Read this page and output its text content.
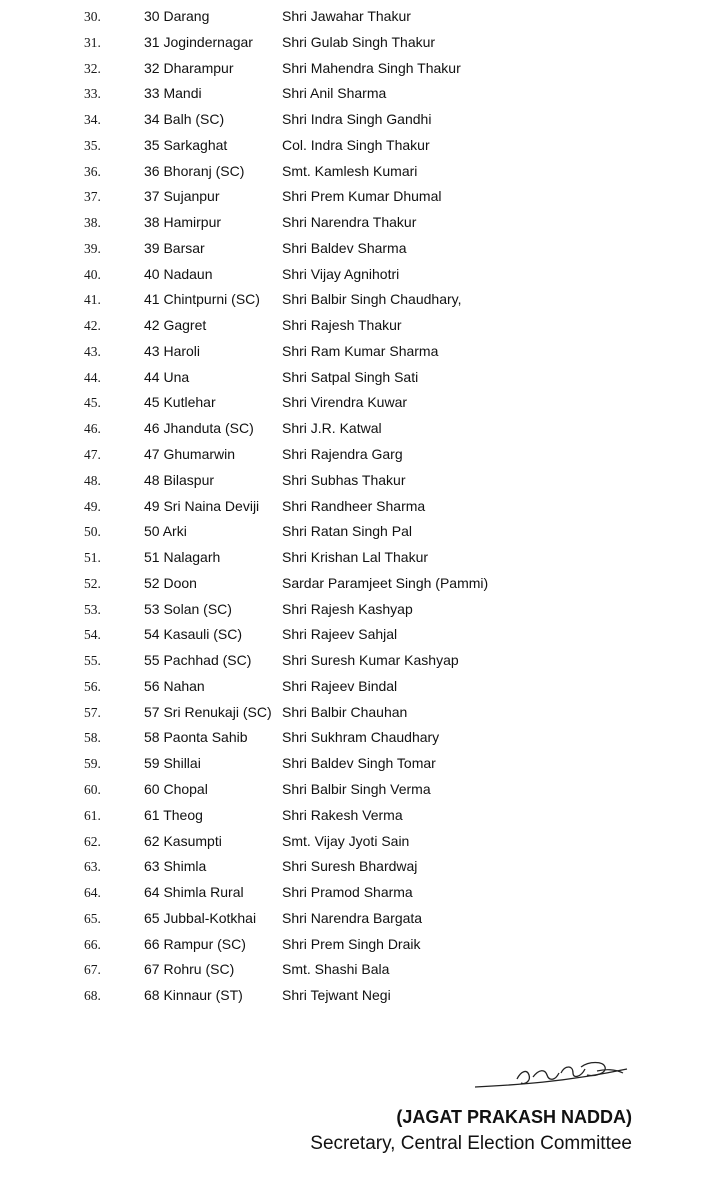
30.	30 Darang	Shri Jawahar Thakur
31.	31 Jogindernagar Shri Gulab Singh Thakur
32.	32 Dharampur	Shri Mahendra Singh Thakur
33.	33 Mandi	Shri Anil Sharma
34.	34 Balh (SC)	Shri Indra Singh Gandhi
35.	35 Sarkaghat	Col. Indra Singh Thakur
36.	36 Bhoranj (SC)	Smt. Kamlesh Kumari
37.	37 Sujanpur	Shri Prem Kumar Dhumal
38.	38 Hamirpur	Shri Narendra Thakur
39.	39 Barsar	Shri Baldev Sharma
40.	40 Nadaun	Shri Vijay Agnihotri
41.	41 Chintpurni (SC) Shri Balbir Singh Chaudhary,
42.	42 Gagret	Shri Rajesh Thakur
43.	43 Haroli	Shri Ram Kumar Sharma
44.	44 Una	Shri Satpal Singh Sati
45.	45 Kutlehar	Shri Virendra Kuwar
46.	46 Jhanduta (SC) Shri J.R. Katwal
47.	47 Ghumarwin	Shri Rajendra Garg
48.	48 Bilaspur	Shri Subhas Thakur
49.	49 Sri Naina Deviji Shri Randheer Sharma
50.	50 Arki	Shri Ratan Singh Pal
51.	51 Nalagarh	Shri Krishan Lal Thakur
52.	52 Doon	Sardar Paramjeet Singh (Pammi)
53.	53 Solan (SC)	Shri Rajesh Kashyap
54.	54 Kasauli (SC)	Shri Rajeev Sahjal
55.	55 Pachhad (SC) Shri Suresh Kumar Kashyap
56.	56 Nahan	Shri Rajeev Bindal
57.	57 Sri Renukaji (SC) Shri Balbir Chauhan
58.	58 Paonta Sahib Shri Sukhram Chaudhary
59.	59 Shillai	Shri Baldev Singh Tomar
60.	60 Chopal	Shri Balbir Singh Verma
61.	61 Theog	Shri Rakesh Verma
62.	62 Kasumpti	Smt. Vijay Jyoti Sain
63.	63 Shimla	Shri Suresh Bhardwaj
64.	64 Shimla Rural	Shri Pramod Sharma
65.	65 Jubbal-Kotkhai Shri Narendra Bargata
66.	66 Rampur (SC)	Shri Prem Singh Draik
67.	67 Rohru (SC)	Smt. Shashi Bala
68.	68 Kinnaur (ST)	Shri Tejwant Negi
(JAGAT PRAKASH NADDA)
Secretary, Central Election Committee
